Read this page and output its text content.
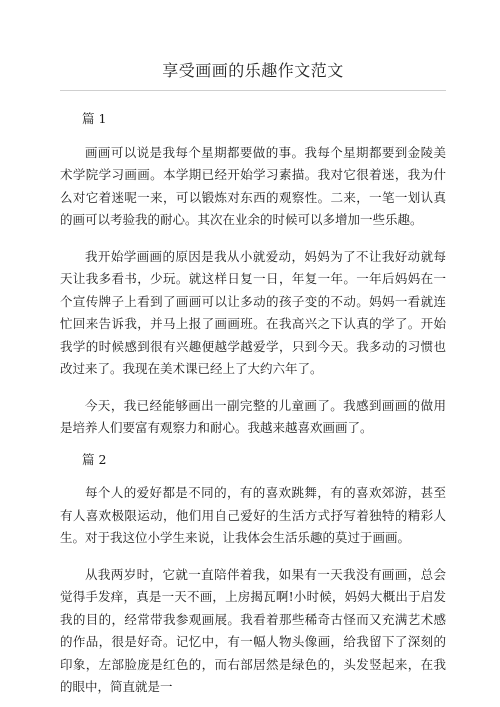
享受画画的乐趣作文范文
篇 1

画画可以说是我每个星期都要做的事。我每个星期都要到金陵美术学院学习画画。本学期已经开始学习素描。我对它很着迷，我为什么对它着迷呢一来，可以锻炼对东西的观察性。二来，一笔一划认真的画可以考验我的耐心。其次在业余的时候可以多增加一些乐趣。

我开始学画画的原因是我从小就爱动，妈妈为了不让我好动就每天让我多看书，少玩。就这样日复一日，年复一年。一年后妈妈在一个宣传牌子上看到了画画可以让多动的孩子变的不动。妈妈一看就连忙回来告诉我，并马上报了画画班。在我高兴之下认真的学了。开始我学的时候感到很有兴趣便越学越爱学，只到今天。我多动的习惯也改过来了。我现在美术课已经上了大约六年了。

今天，我已经能够画出一副完整的儿童画了。我感到画画的做用是培养人们要富有观察力和耐心。我越来越喜欢画画了。

篇 2

每个人的爱好都是不同的，有的喜欢跳舞，有的喜欢郊游，甚至有人喜欢极限运动，他们用自己爱好的生活方式抒写着独特的精彩人生。对于我这位小学生来说，让我体会生活乐趣的莫过于画画。

从我两岁时，它就一直陪伴着我，如果有一天我没有画画，总会觉得手发痒，真是一天不画，上房揭瓦啊!小时候，妈妈大概出于启发我的目的，经常带我参观画展。我看着那些稀奇古怪而又充满艺术感的作品，很是好奇。记忆中，有一幅人物头像画，给我留下了深刻的印象，左部脸庞是红色的，而右部居然是绿色的，头发竖起来，在我的眼中，简直就是一
